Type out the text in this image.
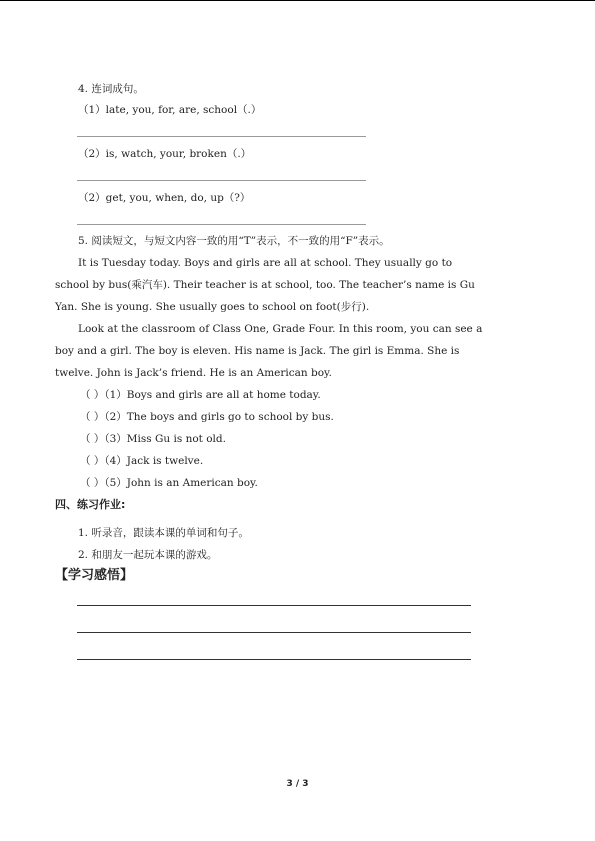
4. 连词成句。
（1）late, you, for, are, school（.）
（2）is, watch, your, broken（.）
（2）get, you, when, do, up（?）
5. 阅读短文，与短文内容一致的用“T”表示，不一致的用“F”表示。
It is Tuesday today. Boys and girls are all at school. They usually go to
school by bus(乘汽车). Their teacher is at school, too. The teacher’s name is Gu
Yan. She is young. She usually goes to school on foot(步行).
Look at the classroom of Class One, Grade Four. In this room, you can see a
boy and a girl. The boy is eleven. His name is Jack. The girl is Emma. She is
twelve. John is Jack’s friend. He is an American boy.
（ ）（1）Boys and girls are all at home today.
（ ）（2）The boys and girls go to school by bus.
（ ）（3）Miss Gu is not old.
（ ）（4）Jack is twelve.
（ ）（5）John is an American boy.
四、练习作业:
1. 听录音，跟读本课的单词和句子。
2. 和朋友一起玩本课的游戏。
【学习感悟】
3 / 3
